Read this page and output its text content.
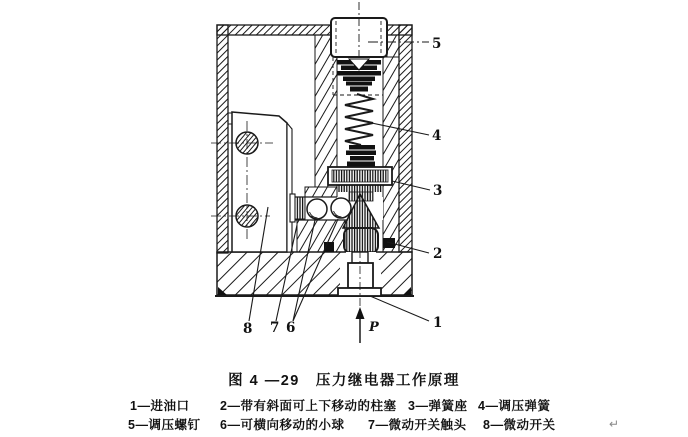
P
5
4
3
2
1
8 7 6
图 4 —29　压力继电器工作原理
1—进油口 2—带有斜面可上下移动的柱塞 3—弹簧座 4—调压弹簧
5—调压螺钉 6—可横向移动的小球 7—微动开关触头 8—微动开关	↵
